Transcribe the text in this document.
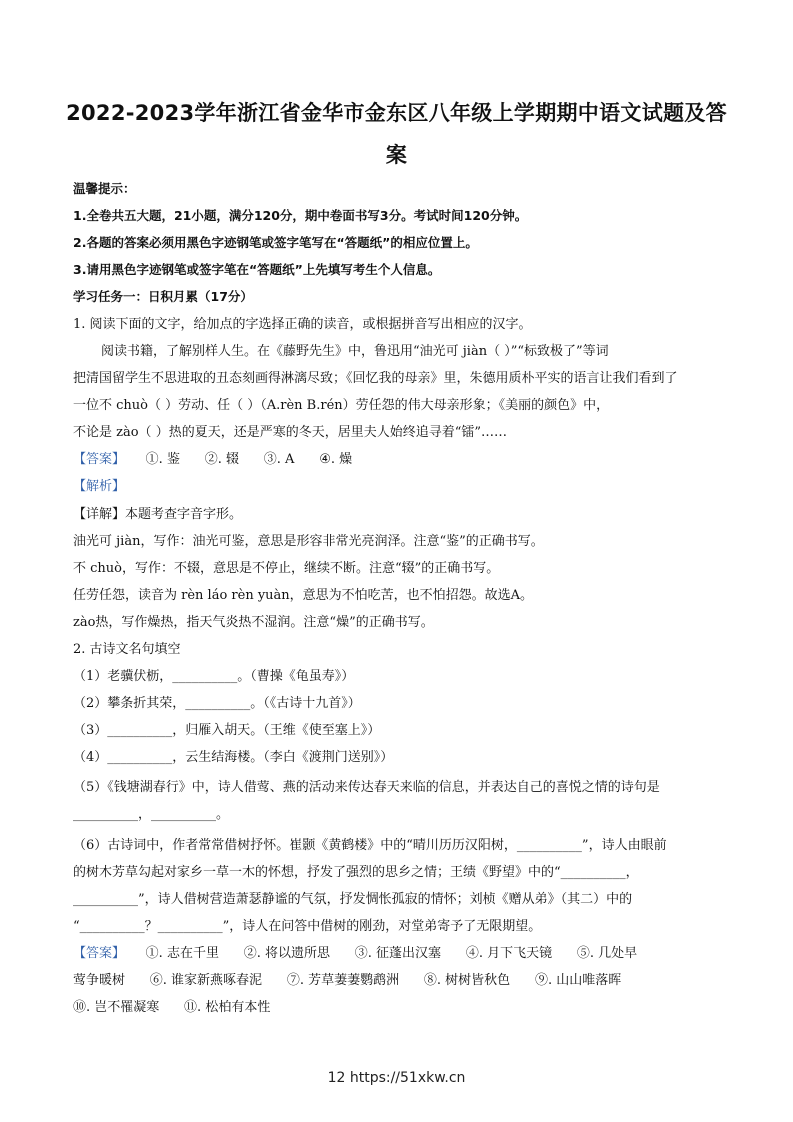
2022-2023学年浙江省金华市金东区八年级上学期期中语文试题及答
案
温馨提示：
1.全卷共五大题，21小题，满分120分，期中卷面书写3分。考试时间120分钟。
2.各题的答案必须用黑色字迹钢笔或签字笔写在“答题纸”的相应位置上。
3.请用黑色字迹钢笔或签字笔在“答题纸”上先填写考生个人信息。
学习任务一：日积月累（17分）
1. 阅读下面的文字，给加点的字选择正确的读音，或根据拼音写出相应的汉字。
阅读书籍，了解别样人生。在《藤野先生》中，鲁迅用“油光可 jiàn（ ）”“标致极了”等词
把清国留学生不思进取的丑态刻画得淋漓尽致；《回忆我的母亲》里，朱德用质朴平实的语言让我们看到了
一位不 chuò（ ）劳动、任（ ）（A.rèn B.rén）劳任怨的伟大母亲形象；《美丽的颜色》中，
不论是 zào（ ）热的夏天，还是严寒的冬天，居里夫人始终追寻着“镭”……
【答案】     ①. 鉴      ②. 辍      ③. A      ④. 燥
【解析】
【详解】本题考查字音字形。
油光可 jiàn，写作：油光可鉴，意思是形容非常光亮润泽。注意“鉴”的正确书写。
不 chuò，写作：不辍，意思是不停止，继续不断。注意“辍”的正确书写。
任劳任怨，读音为 rèn láo rèn yuàn，意思为不怕吃苦，也不怕招怨。故选A。
zào热，写作燥热，指天气炎热不湿润。注意“燥”的正确书写。
2. 古诗文名句填空
（1）老骥伏枥，__________。（曹操《龟虽寿》）
（2）攀条折其荣，__________。（《古诗十九首》）
（3）__________，归雁入胡天。（王维《使至塞上》）
（4）__________，云生结海楼。（李白《渡荆门送别》）
（5）《钱塘湖春行》中，诗人借莺、燕的活动来传达春天来临的信息，并表达自己的喜悦之情的诗句是
__________，__________。
（6）古诗词中，作者常常借树抒怀。崔颢《黄鹤楼》中的“晴川历历汉阳树，__________”，诗人由眼前
的树木芳草勾起对家乡一草一木的怀想，抒发了强烈的思乡之情；王绩《野望》中的“__________，
__________”，诗人借树营造萧瑟静谧的气氛，抒发惆怅孤寂的情怀；刘桢《赠从弟》（其二）中的
“__________？__________”，诗人在问答中借树的刚劲，对堂弟寄予了无限期望。
【答案】     ①. 志在千里      ②. 将以遗所思      ③. 征蓬出汉塞      ④. 月下飞天镜      ⑤. 几处早
莺争暖树      ⑥. 谁家新燕啄春泥      ⑦. 芳草萋萋鹦鹉洲      ⑧. 树树皆秋色      ⑨. 山山唯落晖
⑩. 岂不罹凝寒      ⑪. 松柏有本性
12 https://51xkw.cn
